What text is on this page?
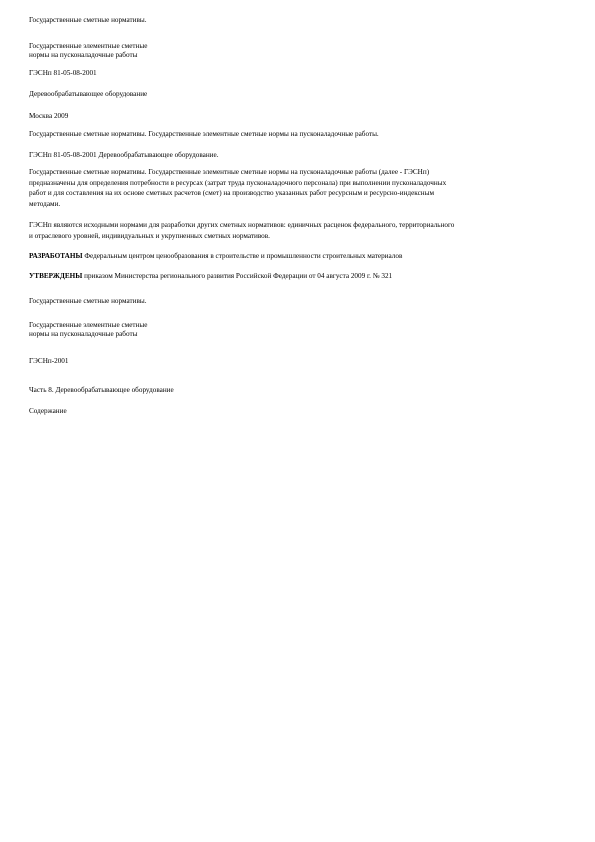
Государственные сметные нормативы.
Государственные элементные сметные
нормы на пусконаладочные работы
ГЭСНп 81-05-08-2001
Деревообрабатывающее оборудование
Москва 2009
Государственные сметные нормативы. Государственные элементные сметные нормы на пусконаладочные работы.
ГЭСНп 81-05-08-2001 Деревообрабатывающее оборудование.

Государственные сметные нормативы. Государственные элементные сметные нормы на пусконаладочные работы (далее - ГЭСНп)

предназначены для определения потребности в ресурсах (затрат труда пусконаладочного персонала) при выполнении пусконаладочных

работ и для составления на их основе сметных расчетов (смет) на производство указанных работ ресурсным и ресурсно-индексным

методами.

ГЭСНп являются исходными нормами для разработки других сметных нормативов: единичных расценок федерального, территориального

и отраслевого уровней, индивидуальных и укрупненных сметных нормативов.

РАЗРАБОТАНЫ Федеральным центром ценообразования в строительстве и промышленности строительных материалов
УТВЕРЖДЕНЫ приказом Министерства регионального развития Российской Федерации от 04 августа 2009 г. № 321
Государственные сметные нормативы.
Государственные элементные сметные
нормы на пусконаладочные работы
ГЭСНп-2001
Часть 8. Деревообрабатывающее оборудование
Содержание
